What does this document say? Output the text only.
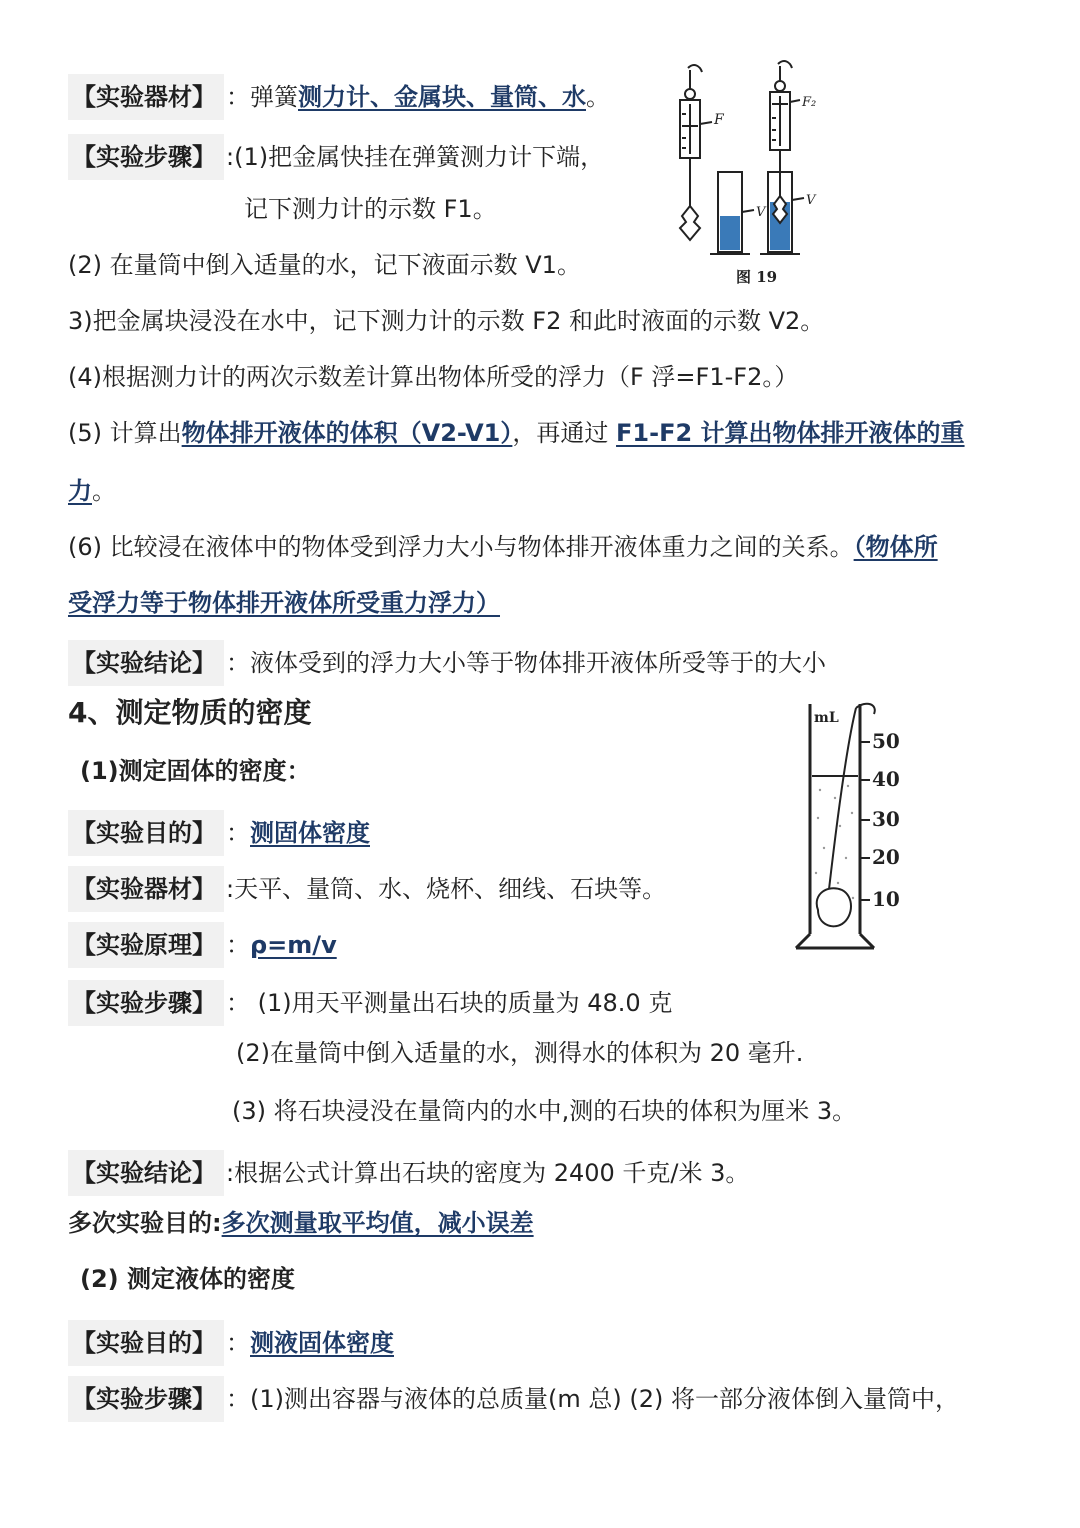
【实验器材】 ：弹簧测力计、金属块、量筒、水。
【实验步骤】 :(1)把金属快挂在弹簧测力计下端，
记下测力计的示数 F1。
(2) 在量筒中倒入适量的水，记下液面示数 V1。
3)把金属块浸没在水中，记下测力计的示数 F2 和此时液面的示数 V2。
(4)根据测力计的两次示数差计算出物体所受的浮力（F 浮=F1-F2。）
(5) 计算出物体排开液体的体积（V2-V1），再通过 F1-F2 计算出物体排开液体的重
力。
(6) 比较浸在液体中的物体受到浮力大小与物体排开液体重力之间的关系。（物体所
受浮力等于物体排开液体所受重力浮力）
【实验结论】 ：液体受到的浮力大小等于物体排开液体所受等于的大小
F
V
F₂
V
图 19
4、测定物质的密度
(1)测定固体的密度：
【实验目的】 ：测固体密度
【实验器材】 :天平、量筒、水、烧杯、细线、石块等。
【实验原理】 ：ρ=m/v
【实验步骤】 ： (1)用天平测量出石块的质量为 48.0 克
(2)在量筒中倒入适量的水，测得水的体积为 20 毫升.
(3) 将石块浸没在量筒内的水中,测的石块的体积为厘米 3。
【实验结论】 :根据公式计算出石块的密度为 2400 千克/米 3。
多次实验目的:多次测量取平均值，减小误差
(2) 测定液体的密度
【实验目的】 ：测液固体密度
【实验步骤】 ：(1)测出容器与液体的总质量(m 总) (2) 将一部分液体倒入量筒中，
mL
50
40
30
20
10
